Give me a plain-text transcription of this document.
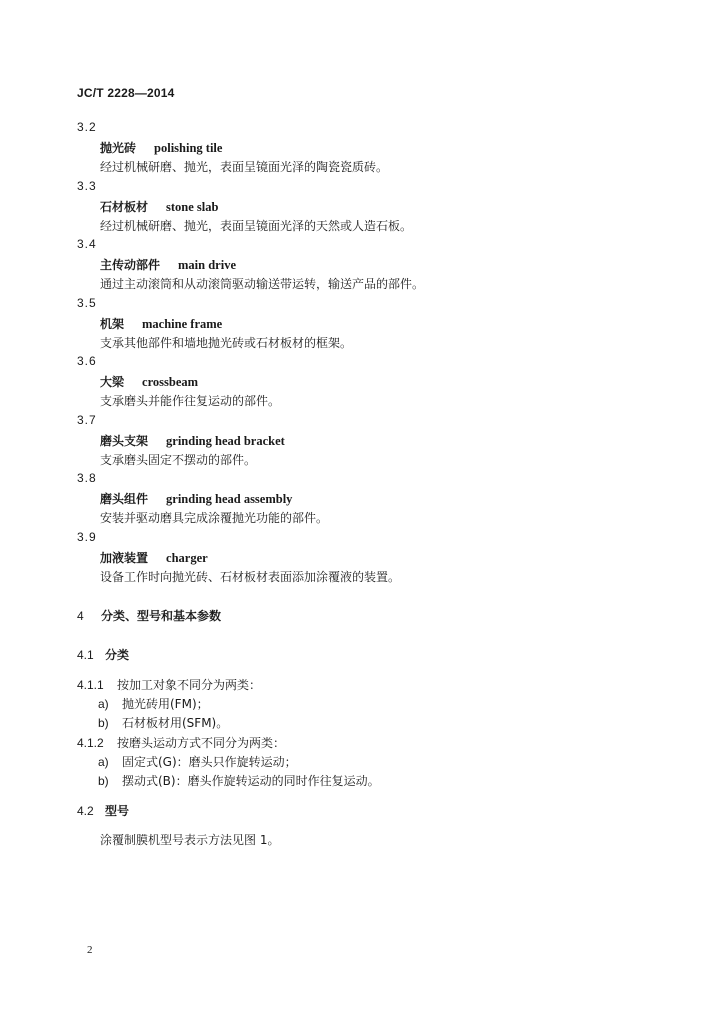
JC/T 2228—2014
3.2
抛光砖 polishing tile
经过机械研磨、抛光，表面呈镜面光泽的陶瓷瓷质砖。
3.3
石材板材 stone slab
经过机械研磨、抛光，表面呈镜面光泽的天然或人造石板。
3.4
主传动部件 main drive
通过主动滚筒和从动滚筒驱动输送带运转，输送产品的部件。
3.5
机架 machine frame
支承其他部件和墙地抛光砖或石材板材的框架。
3.6
大梁 crossbeam
支承磨头并能作往复运动的部件。
3.7
磨头支架 grinding head bracket
支承磨头固定不摆动的部件。
3.8
磨头组件 grinding head assembly
安装并驱动磨具完成涂覆抛光功能的部件。
3.9
加液装置 charger
设备工作时向抛光砖、石材板材表面添加涂覆液的装置。
4 分类、型号和基本参数
4.1 分类
4.1.1 按加工对象不同分为两类：
a) 抛光砖用(FM)；
b) 石材板材用(SFM)。
4.1.2 按磨头运动方式不同分为两类：
a) 固定式(G)：磨头只作旋转运动；
b) 摆动式(B)：磨头作旋转运动的同时作往复运动。
4.2 型号
涂覆制膜机型号表示方法见图 1。
2
